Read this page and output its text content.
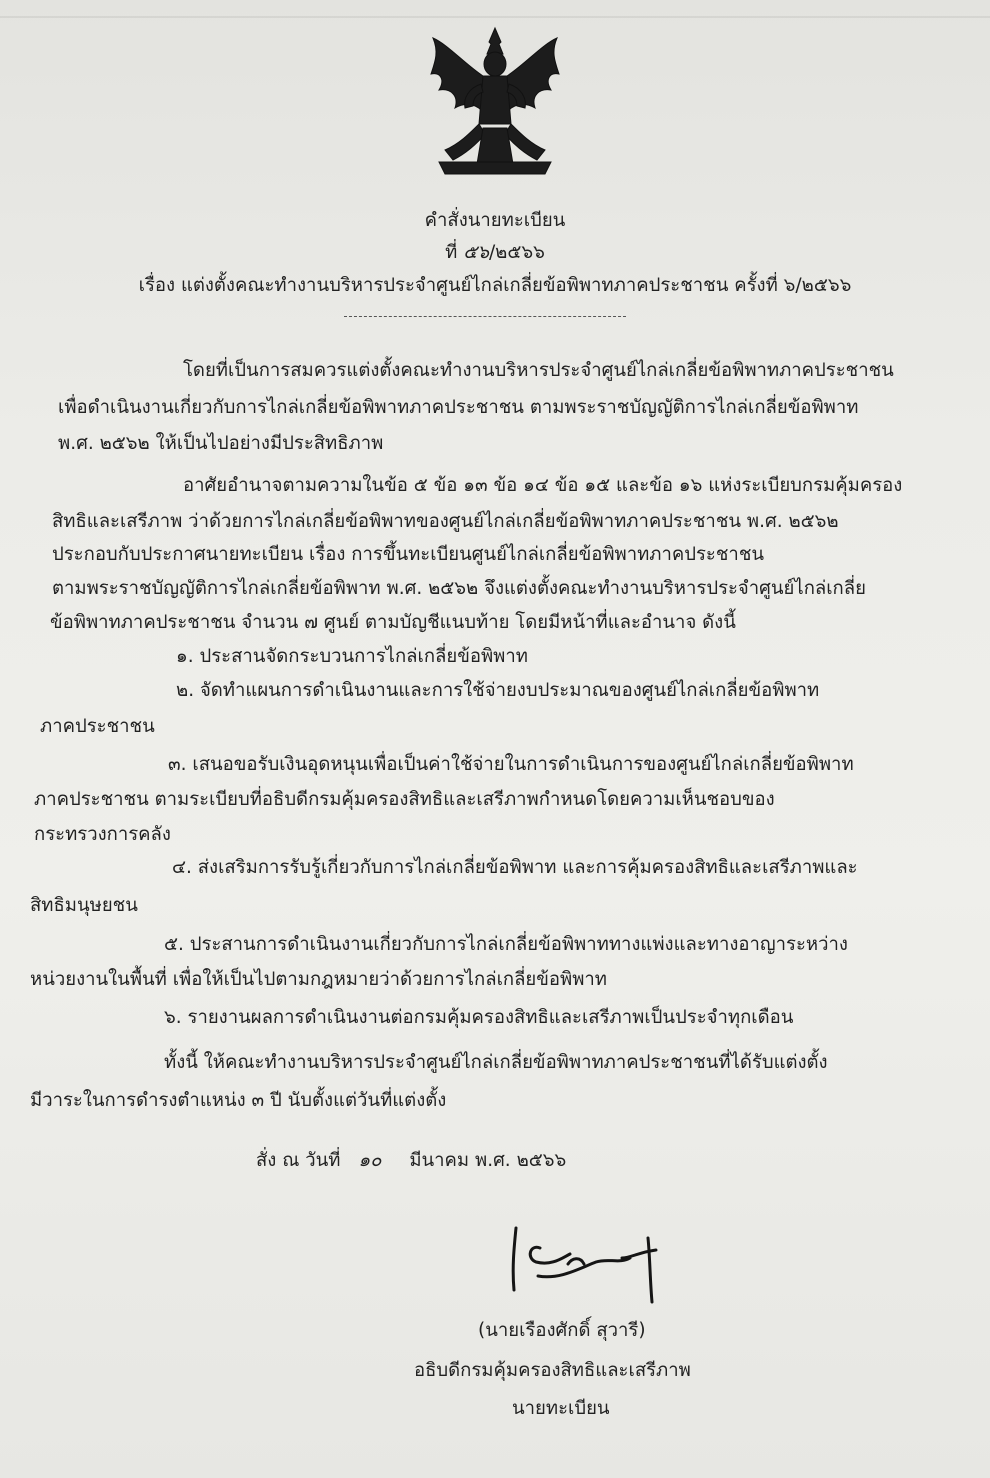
คำสั่งนายทะเบียน
ที่ ๕๖/๒๕๖๖
เรื่อง แต่งตั้งคณะทำงานบริหารประจำศูนย์ไกล่เกลี่ยข้อพิพาทภาคประชาชน ครั้งที่ ๖/๒๕๖๖
โดยที่เป็นการสมควรแต่งตั้งคณะทำงานบริหารประจำศูนย์ไกล่เกลี่ยข้อพิพาทภาคประชาชน
เพื่อดำเนินงานเกี่ยวกับการไกล่เกลี่ยข้อพิพาทภาคประชาชน ตามพระราชบัญญัติการไกล่เกลี่ยข้อพิพาท
พ.ศ. ๒๕๖๒ ให้เป็นไปอย่างมีประสิทธิภาพ
อาศัยอำนาจตามความในข้อ ๕ ข้อ ๑๓ ข้อ ๑๔ ข้อ ๑๕ และข้อ ๑๖ แห่งระเบียบกรมคุ้มครอง
สิทธิและเสรีภาพ ว่าด้วยการไกล่เกลี่ยข้อพิพาทของศูนย์ไกล่เกลี่ยข้อพิพาทภาคประชาชน พ.ศ. ๒๕๖๒
ประกอบกับประกาศนายทะเบียน เรื่อง การขึ้นทะเบียนศูนย์ไกล่เกลี่ยข้อพิพาทภาคประชาชน
ตามพระราชบัญญัติการไกล่เกลี่ยข้อพิพาท พ.ศ. ๒๕๖๒ จึงแต่งตั้งคณะทำงานบริหารประจำศูนย์ไกล่เกลี่ย
ข้อพิพาทภาคประชาชน จำนวน ๗ ศูนย์ ตามบัญชีแนบท้าย โดยมีหน้าที่และอำนาจ ดังนี้
๑. ประสานจัดกระบวนการไกล่เกลี่ยข้อพิพาท
๒. จัดทำแผนการดำเนินงานและการใช้จ่ายงบประมาณของศูนย์ไกล่เกลี่ยข้อพิพาท
ภาคประชาชน
๓. เสนอขอรับเงินอุดหนุนเพื่อเป็นค่าใช้จ่ายในการดำเนินการของศูนย์ไกล่เกลี่ยข้อพิพาท
ภาคประชาชน ตามระเบียบที่อธิบดีกรมคุ้มครองสิทธิและเสรีภาพกำหนดโดยความเห็นชอบของ
กระทรวงการคลัง
๔. ส่งเสริมการรับรู้เกี่ยวกับการไกล่เกลี่ยข้อพิพาท และการคุ้มครองสิทธิและเสรีภาพและ
สิทธิมนุษยชน
๕. ประสานการดำเนินงานเกี่ยวกับการไกล่เกลี่ยข้อพิพาททางแพ่งและทางอาญาระหว่าง
หน่วยงานในพื้นที่ เพื่อให้เป็นไปตามกฎหมายว่าด้วยการไกล่เกลี่ยข้อพิพาท
๖. รายงานผลการดำเนินงานต่อกรมคุ้มครองสิทธิและเสรีภาพเป็นประจำทุกเดือน
ทั้งนี้ ให้คณะทำงานบริหารประจำศูนย์ไกล่เกลี่ยข้อพิพาทภาคประชาชนที่ได้รับแต่งตั้ง
มีวาระในการดำรงตำแหน่ง ๓ ปี นับตั้งแต่วันที่แต่งตั้ง
สั่ง ณ วันที่ ๑๐ มีนาคม พ.ศ. ๒๕๖๖
(นายเรืองศักดิ์ สุวารี)
อธิบดีกรมคุ้มครองสิทธิและเสรีภาพ
นายทะเบียน
